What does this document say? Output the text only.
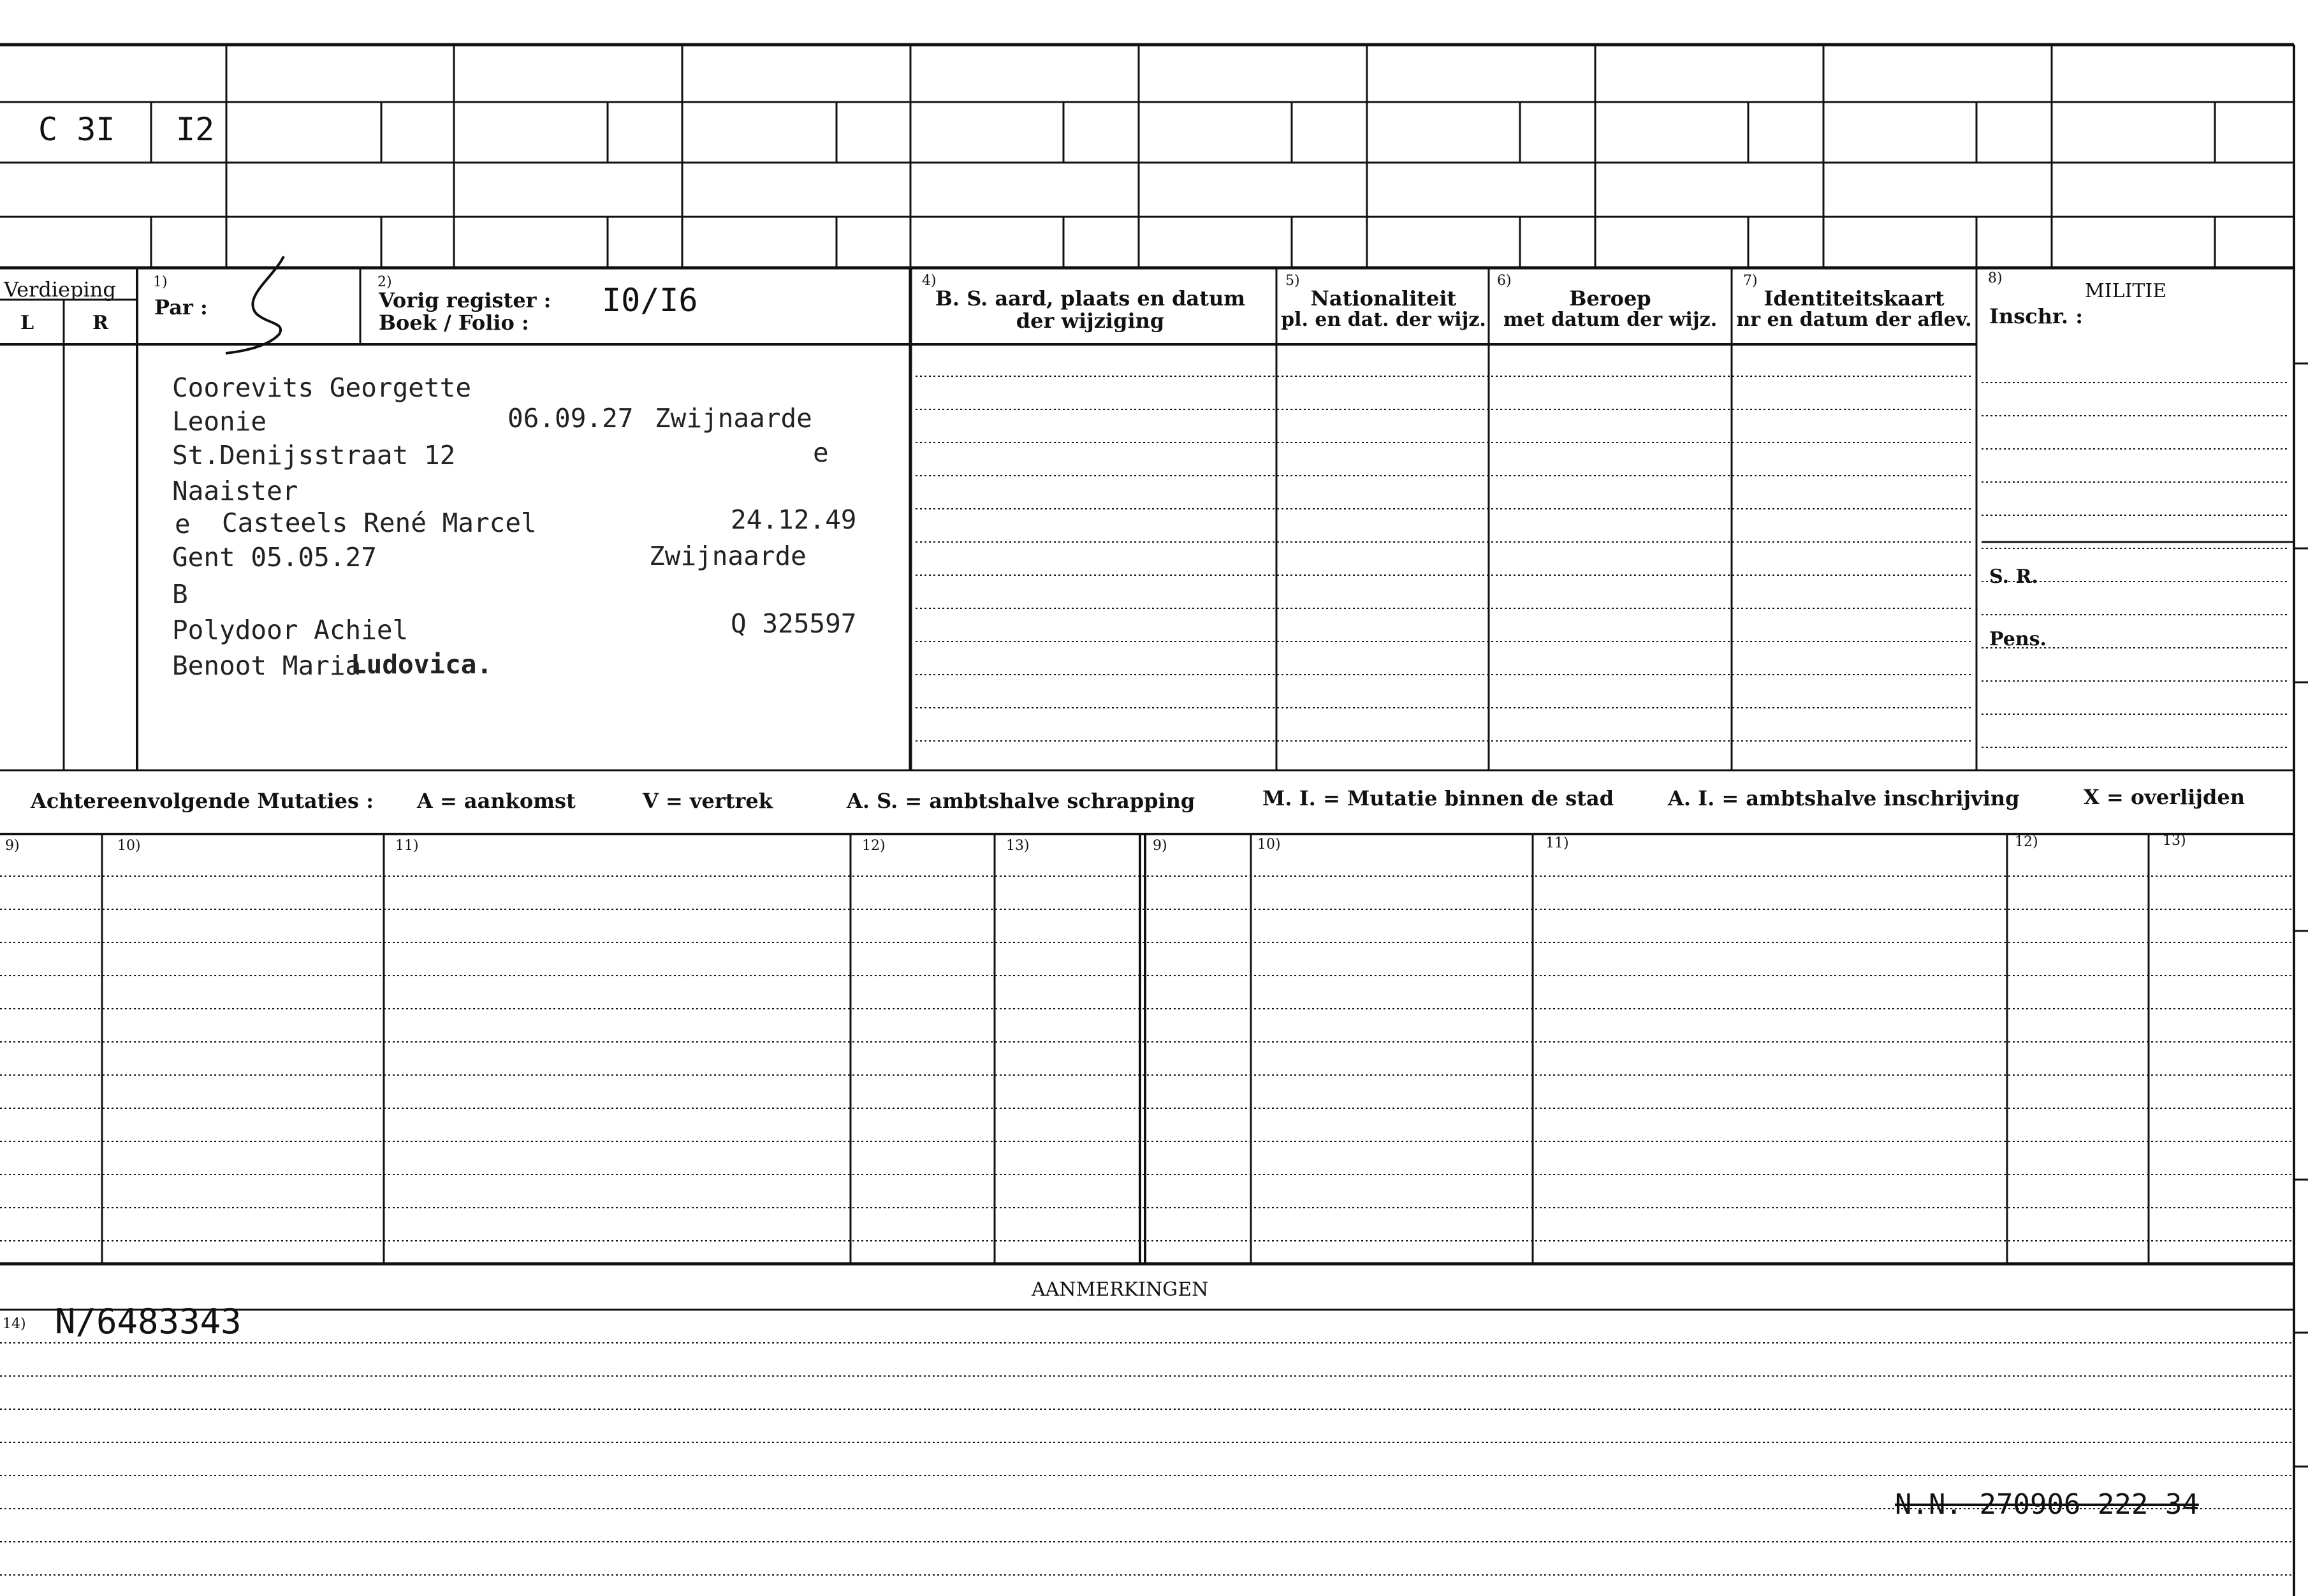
C 3I I2
Verdieping
L	R
1)
Par :
2)
Vorig register :
Boek / Folio :
I0/I6
4)
B. S. aard, plaats en datum
der wijziging
5)
Nationaliteit
pl. en dat. der wijz.
6)
Beroep
met datum der wijz.
7)
Identiteitskaart
nr en datum der aflev.
8)
MILITIE
Inschr. :
S. R.
Pens.
Coorevits Georgette
Leonie	06.09.27 Zwijnaarde
St.Denijsstraat 12	e
Naaister
e Casteels René Marcel	24.12.49
Gent 05.05.27	Zwijnaarde
B
Polydoor Achiel	Q 325597
Benoot Maria
Ludovica.
Achtereenvolgende Mutaties : A = aankomst	V = vertrek	A. S. = ambtshalve schrapping	M. I. = Mutatie binnen de stad	A. I. = ambtshalve inschrijving	X = overlijden
9)	10)	11)	12)	13)	9)	10)	11)	12)	13)
AANMERKINGEN
14) N/6483343
N.N. 270906 222 34
